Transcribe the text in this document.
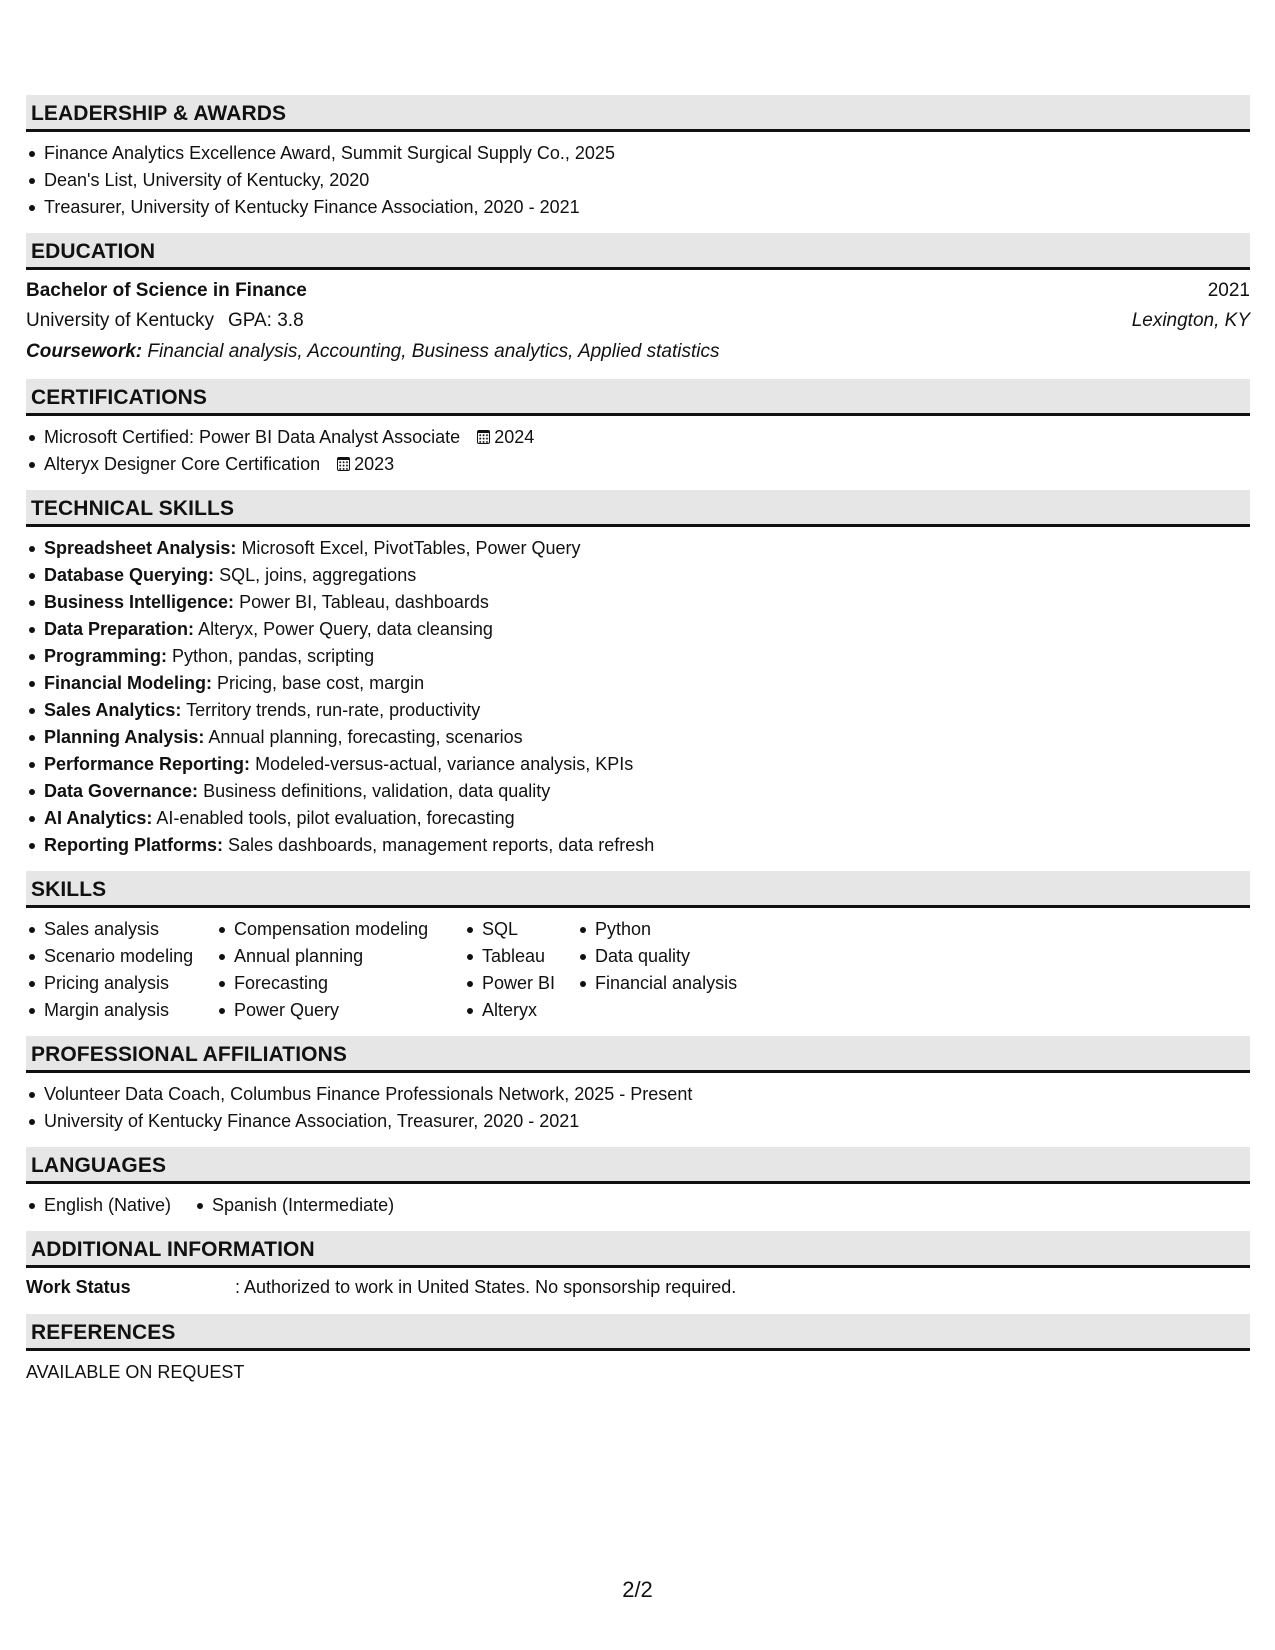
LEADERSHIP & AWARDS
Finance Analytics Excellence Award, Summit Surgical Supply Co., 2025
Dean's List, University of Kentucky, 2020
Treasurer, University of Kentucky Finance Association, 2020 - 2021
EDUCATION
Bachelor of Science in Finance	2021
University of Kentucky GPA: 3.8	Lexington, KY
Coursework: Financial analysis, Accounting, Business analytics, Applied statistics
CERTIFICATIONS
Microsoft Certified: Power BI Data Analyst Associate 2024
Alteryx Designer Core Certification 2023
TECHNICAL SKILLS
Spreadsheet Analysis: Microsoft Excel, PivotTables, Power Query
Database Querying: SQL, joins, aggregations
Business Intelligence: Power BI, Tableau, dashboards
Data Preparation: Alteryx, Power Query, data cleansing
Programming: Python, pandas, scripting
Financial Modeling: Pricing, base cost, margin
Sales Analytics: Territory trends, run-rate, productivity
Planning Analysis: Annual planning, forecasting, scenarios
Performance Reporting: Modeled-versus-actual, variance analysis, KPIs
Data Governance: Business definitions, validation, data quality
AI Analytics: AI-enabled tools, pilot evaluation, forecasting
Reporting Platforms: Sales dashboards, management reports, data refresh
SKILLS
Sales analysis
Scenario modeling
Pricing analysis
Margin analysis
Compensation modeling
Annual planning
Forecasting
Power Query
SQL
Tableau
Power BI
Alteryx
Python
Data quality
Financial analysis
PROFESSIONAL AFFILIATIONS
Volunteer Data Coach, Columbus Finance Professionals Network, 2025 - Present
University of Kentucky Finance Association, Treasurer, 2020 - 2021
LANGUAGES
English (Native)	Spanish (Intermediate)
ADDITIONAL INFORMATION
Work Status	: Authorized to work in United States. No sponsorship required.
REFERENCES
AVAILABLE ON REQUEST
2/2
